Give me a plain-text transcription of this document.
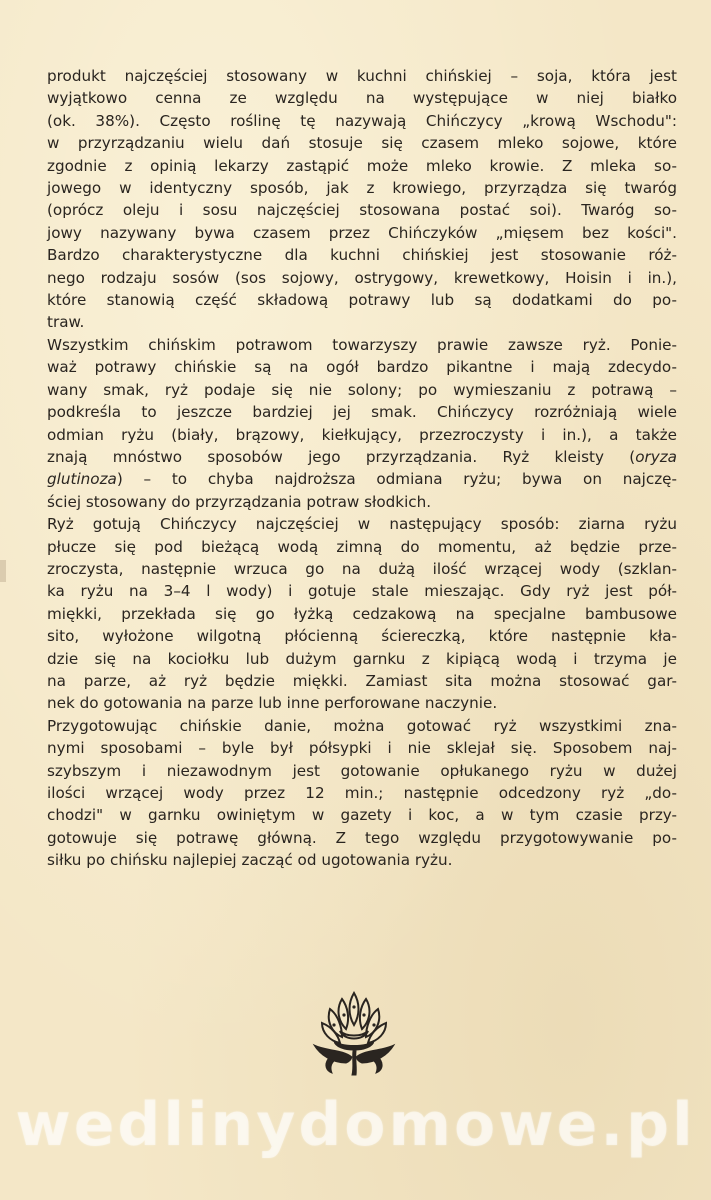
produkt najczęściej stosowany w kuchni chińskiej – soja, która jest
wyjątkowo cenna ze względu na występujące w niej białko
(ok. 38%). Często roślinę tę nazywają Chińczycy „krową Wschodu":
w przyrządzaniu wielu dań stosuje się czasem mleko sojowe, które
zgodnie z opinią lekarzy zastąpić może mleko krowie. Z mleka so-
jowego w identyczny sposób, jak z krowiego, przyrządza się twaróg
(oprócz oleju i sosu najczęściej stosowana postać soi). Twaróg so-
jowy nazywany bywa czasem przez Chińczyków „mięsem bez kości".
Bardzo charakterystyczne dla kuchni chińskiej jest stosowanie róż-
nego rodzaju sosów (sos sojowy, ostrygowy, krewetkowy, Hoisin i in.),
które stanowią część składową potrawy lub są dodatkami do po-
traw.

Wszystkim chińskim potrawom towarzyszy prawie zawsze ryż. Ponie-
waż potrawy chińskie są na ogół bardzo pikantne i mają zdecydo-
wany smak, ryż podaje się nie solony; po wymieszaniu z potrawą –
podkreśla to jeszcze bardziej jej smak. Chińczycy rozróżniają wiele
odmian ryżu (biały, brązowy, kiełkujący, przezroczysty i in.), a także
znają mnóstwo sposobów jego przyrządzania. Ryż kleisty (oryza
glutinoza) – to chyba najdroższa odmiana ryżu; bywa on najczę-
ściej stosowany do przyrządzania potraw słodkich.

Ryż gotują Chińczycy najczęściej w następujący sposób: ziarna ryżu
płucze się pod bieżącą wodą zimną do momentu, aż będzie prze-
zroczysta, następnie wrzuca go na dużą ilość wrzącej wody (szklan-
ka ryżu na 3–4 l wody) i gotuje stale mieszając. Gdy ryż jest pół-
miękki, przekłada się go łyżką cedzakową na specjalne bambusowe
sito, wyłożone wilgotną płócienną ściereczką, które następnie kła-
dzie się na kociołku lub dużym garnku z kipiącą wodą i trzyma je
na parze, aż ryż będzie miękki. Zamiast sita można stosować gar-
nek do gotowania na parze lub inne perforowane naczynie.

Przygotowując chińskie danie, można gotować ryż wszystkimi zna-
nymi sposobami – byle był półsypki i nie sklejał się. Sposobem naj-
szybszym i niezawodnym jest gotowanie opłukanego ryżu w dużej
ilości wrzącej wody przez 12 min.; następnie odcedzony ryż „do-
chodzi" w garnku owiniętym w gazety i koc, a w tym czasie przy-
gotowuje się potrawę główną. Z tego względu przygotowywanie po-
siłku po chińsku najlepiej zacząć od ugotowania ryżu.

wedlinydomowe.pl
